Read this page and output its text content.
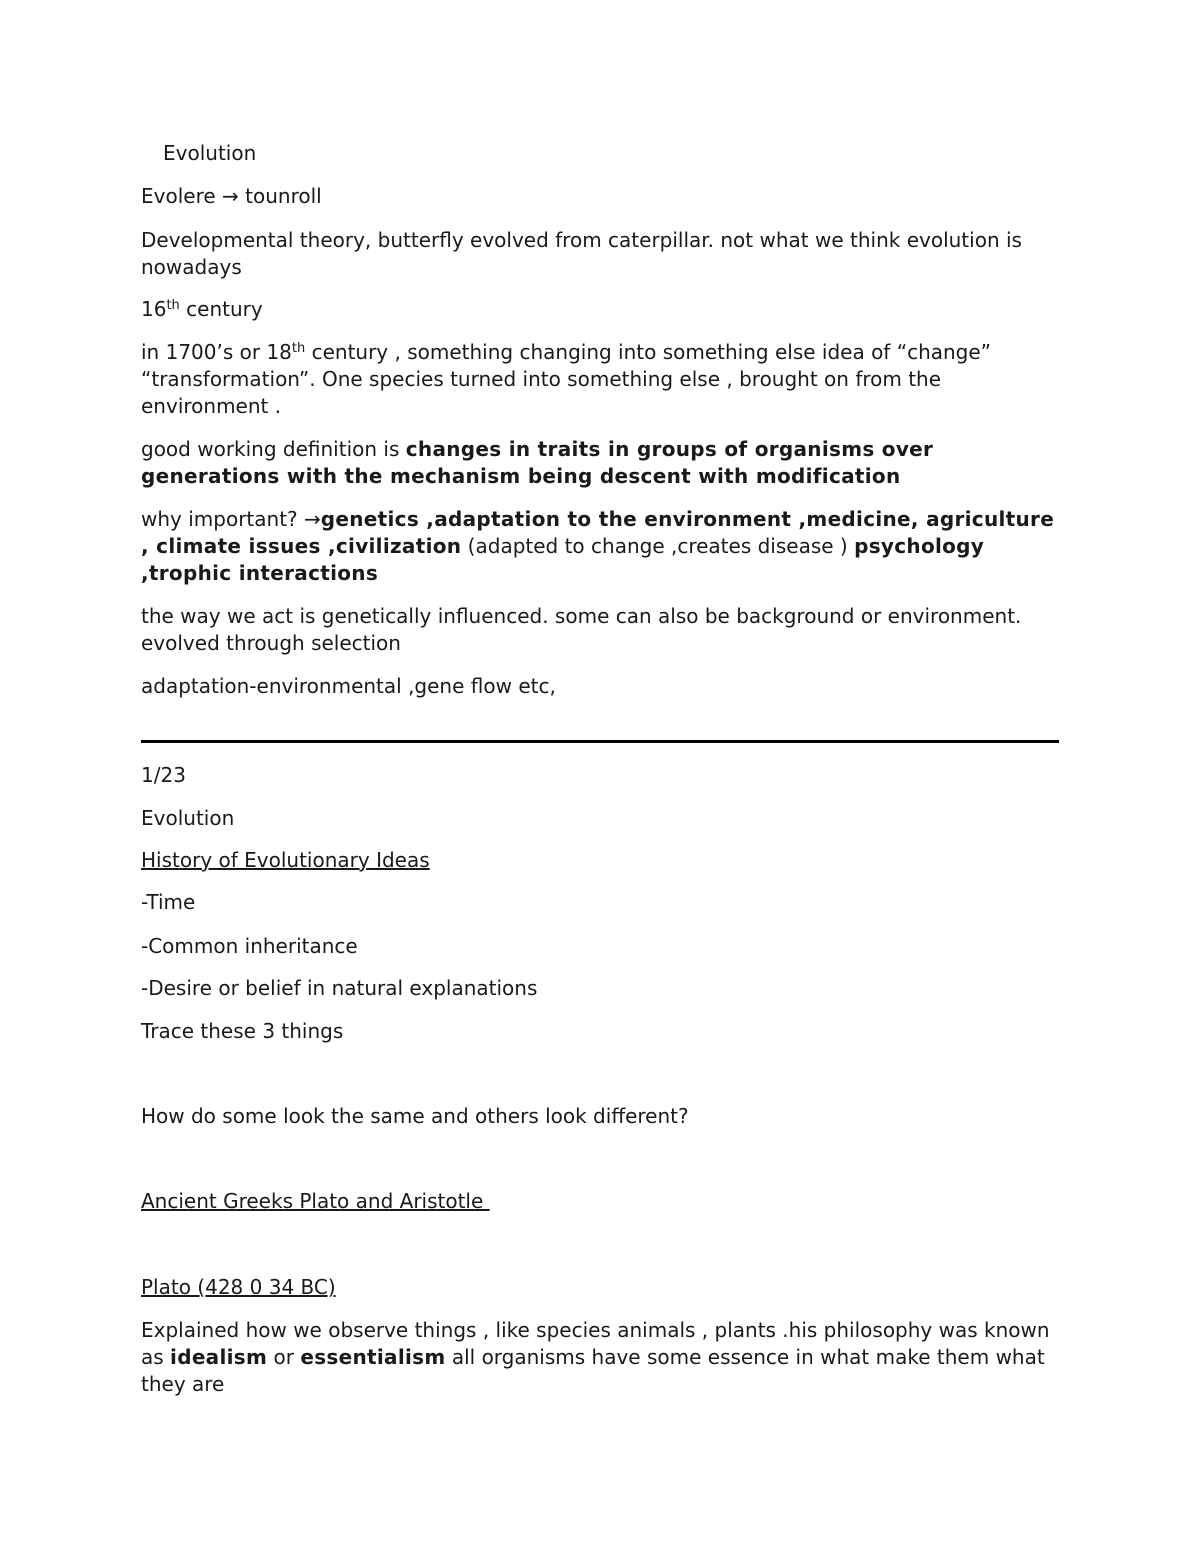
Evolution

Evolere → tounroll

Developmental theory, butterfly evolved from caterpillar. not what we think evolution is nowadays

16th century

in 1700’s or 18th century , something changing into something else idea of “change” “transformation”. One species turned into something else , brought on from the environment .

good working definition is changes in traits in groups of organisms over generations with the mechanism being descent with modification

why important? →genetics ,adaptation to the environment ,medicine, agriculture , climate issues ,civilization (adapted to change ,creates disease ) psychology ,trophic interactions

the way we act is genetically influenced. some can also be background or environment. evolved through selection

adaptation-environmental ,gene flow etc,

1/23

Evolution

History of Evolutionary Ideas

-Time

-Common inheritance

-Desire or belief in natural explanations

Trace these 3 things

How do some look the same and others look different?

Ancient Greeks Plato and Aristotle

Plato (428 0 34 BC)

Explained how we observe things , like species animals , plants .his philosophy was known as idealism or essentialism all organisms have some essence in what make them what they are
